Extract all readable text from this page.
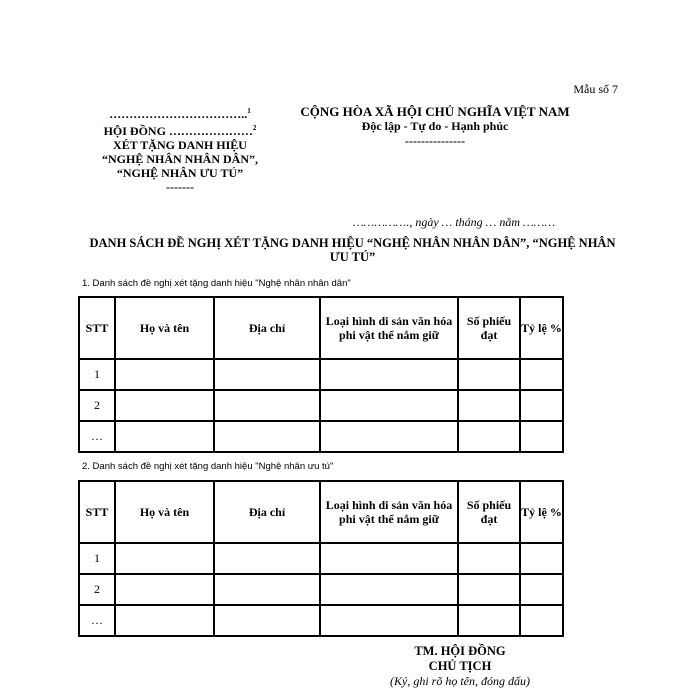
Mẫu số 7
……………………………..$^1$
HỘI ĐỒNG …………………$^2$
XÉT TẶNG DANH HIỆU
“NGHỆ NHÂN NHÂN DÂN”,
“NGHỆ NHÂN ƯU TÚ”
-------
CỘNG HÒA XÃ HỘI CHỦ NGHĨA VIỆT NAM
Độc lập - Tự do - Hạnh phúc
---------------
……………., ngày … tháng … năm ………
DANH SÁCH ĐỀ NGHỊ XÉT TẶNG DANH HIỆU “NGHỆ NHÂN NHÂN DÂN”, “NGHỆ NHÂN ƯU TÚ”
1. Danh sách đề nghị xét tặng danh hiệu "Nghệ nhân nhân dân"
STT	Họ và tên	Địa chỉ	Loại hình di sản văn hóa phi vật thể nắm giữ	Số phiếu đạt	Tỷ lệ %
1					
2					
…					
2. Danh sách đề nghị xét tặng danh hiệu "Nghệ nhân ưu tú"
STT	Họ và tên	Địa chỉ	Loại hình di sản văn hóa phi vật thể nắm giữ	Số phiếu đạt	Tỷ lệ %
1					
2					
…					
TM. HỘI ĐỒNG
CHỦ TỊCH
(Ký, ghi rõ họ tên, đóng dấu)
